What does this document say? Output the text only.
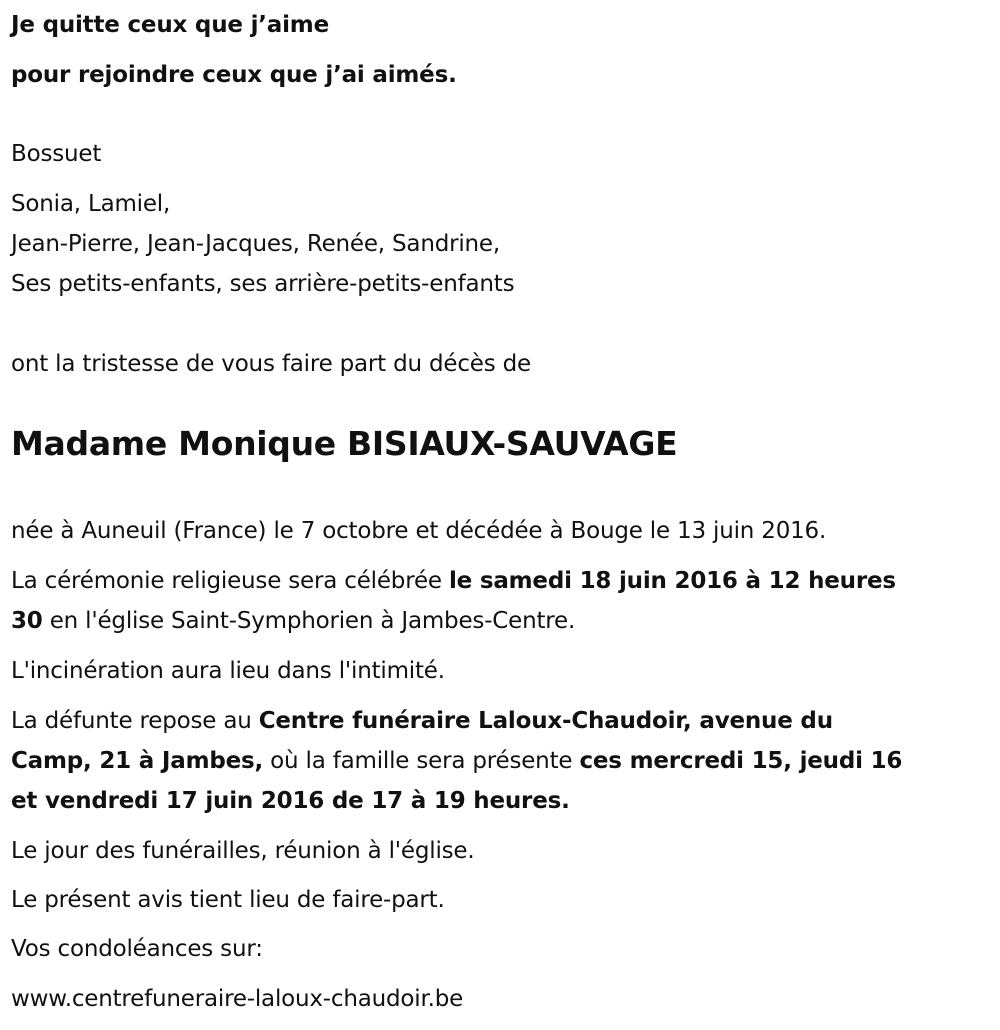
Je quitte ceux que j’aime

pour rejoindre ceux que j’ai aimés.

Bossuet

Sonia, Lamiel,

Jean-Pierre, Jean-Jacques, Renée, Sandrine,

Ses petits-enfants, ses arrière-petits-enfants

ont la tristesse de vous faire part du décès de

Madame Monique BISIAUX-SAUVAGE

née à Auneuil (France) le 7 octobre et décédée à Bouge le 13 juin 2016.

La cérémonie religieuse sera célébrée le samedi 18 juin 2016 à 12 heures

30 en l'église Saint-Symphorien à Jambes-Centre.

L'incinération aura lieu dans l'intimité.

La défunte repose au Centre funéraire Laloux-Chaudoir, avenue du

Camp, 21 à Jambes, où la famille sera présente ces mercredi 15, jeudi 16

et vendredi 17 juin 2016 de 17 à 19 heures.

Le jour des funérailles, réunion à l'église.

Le présent avis tient lieu de faire-part.

Vos condoléances sur:

www.centrefuneraire-laloux-chaudoir.be
